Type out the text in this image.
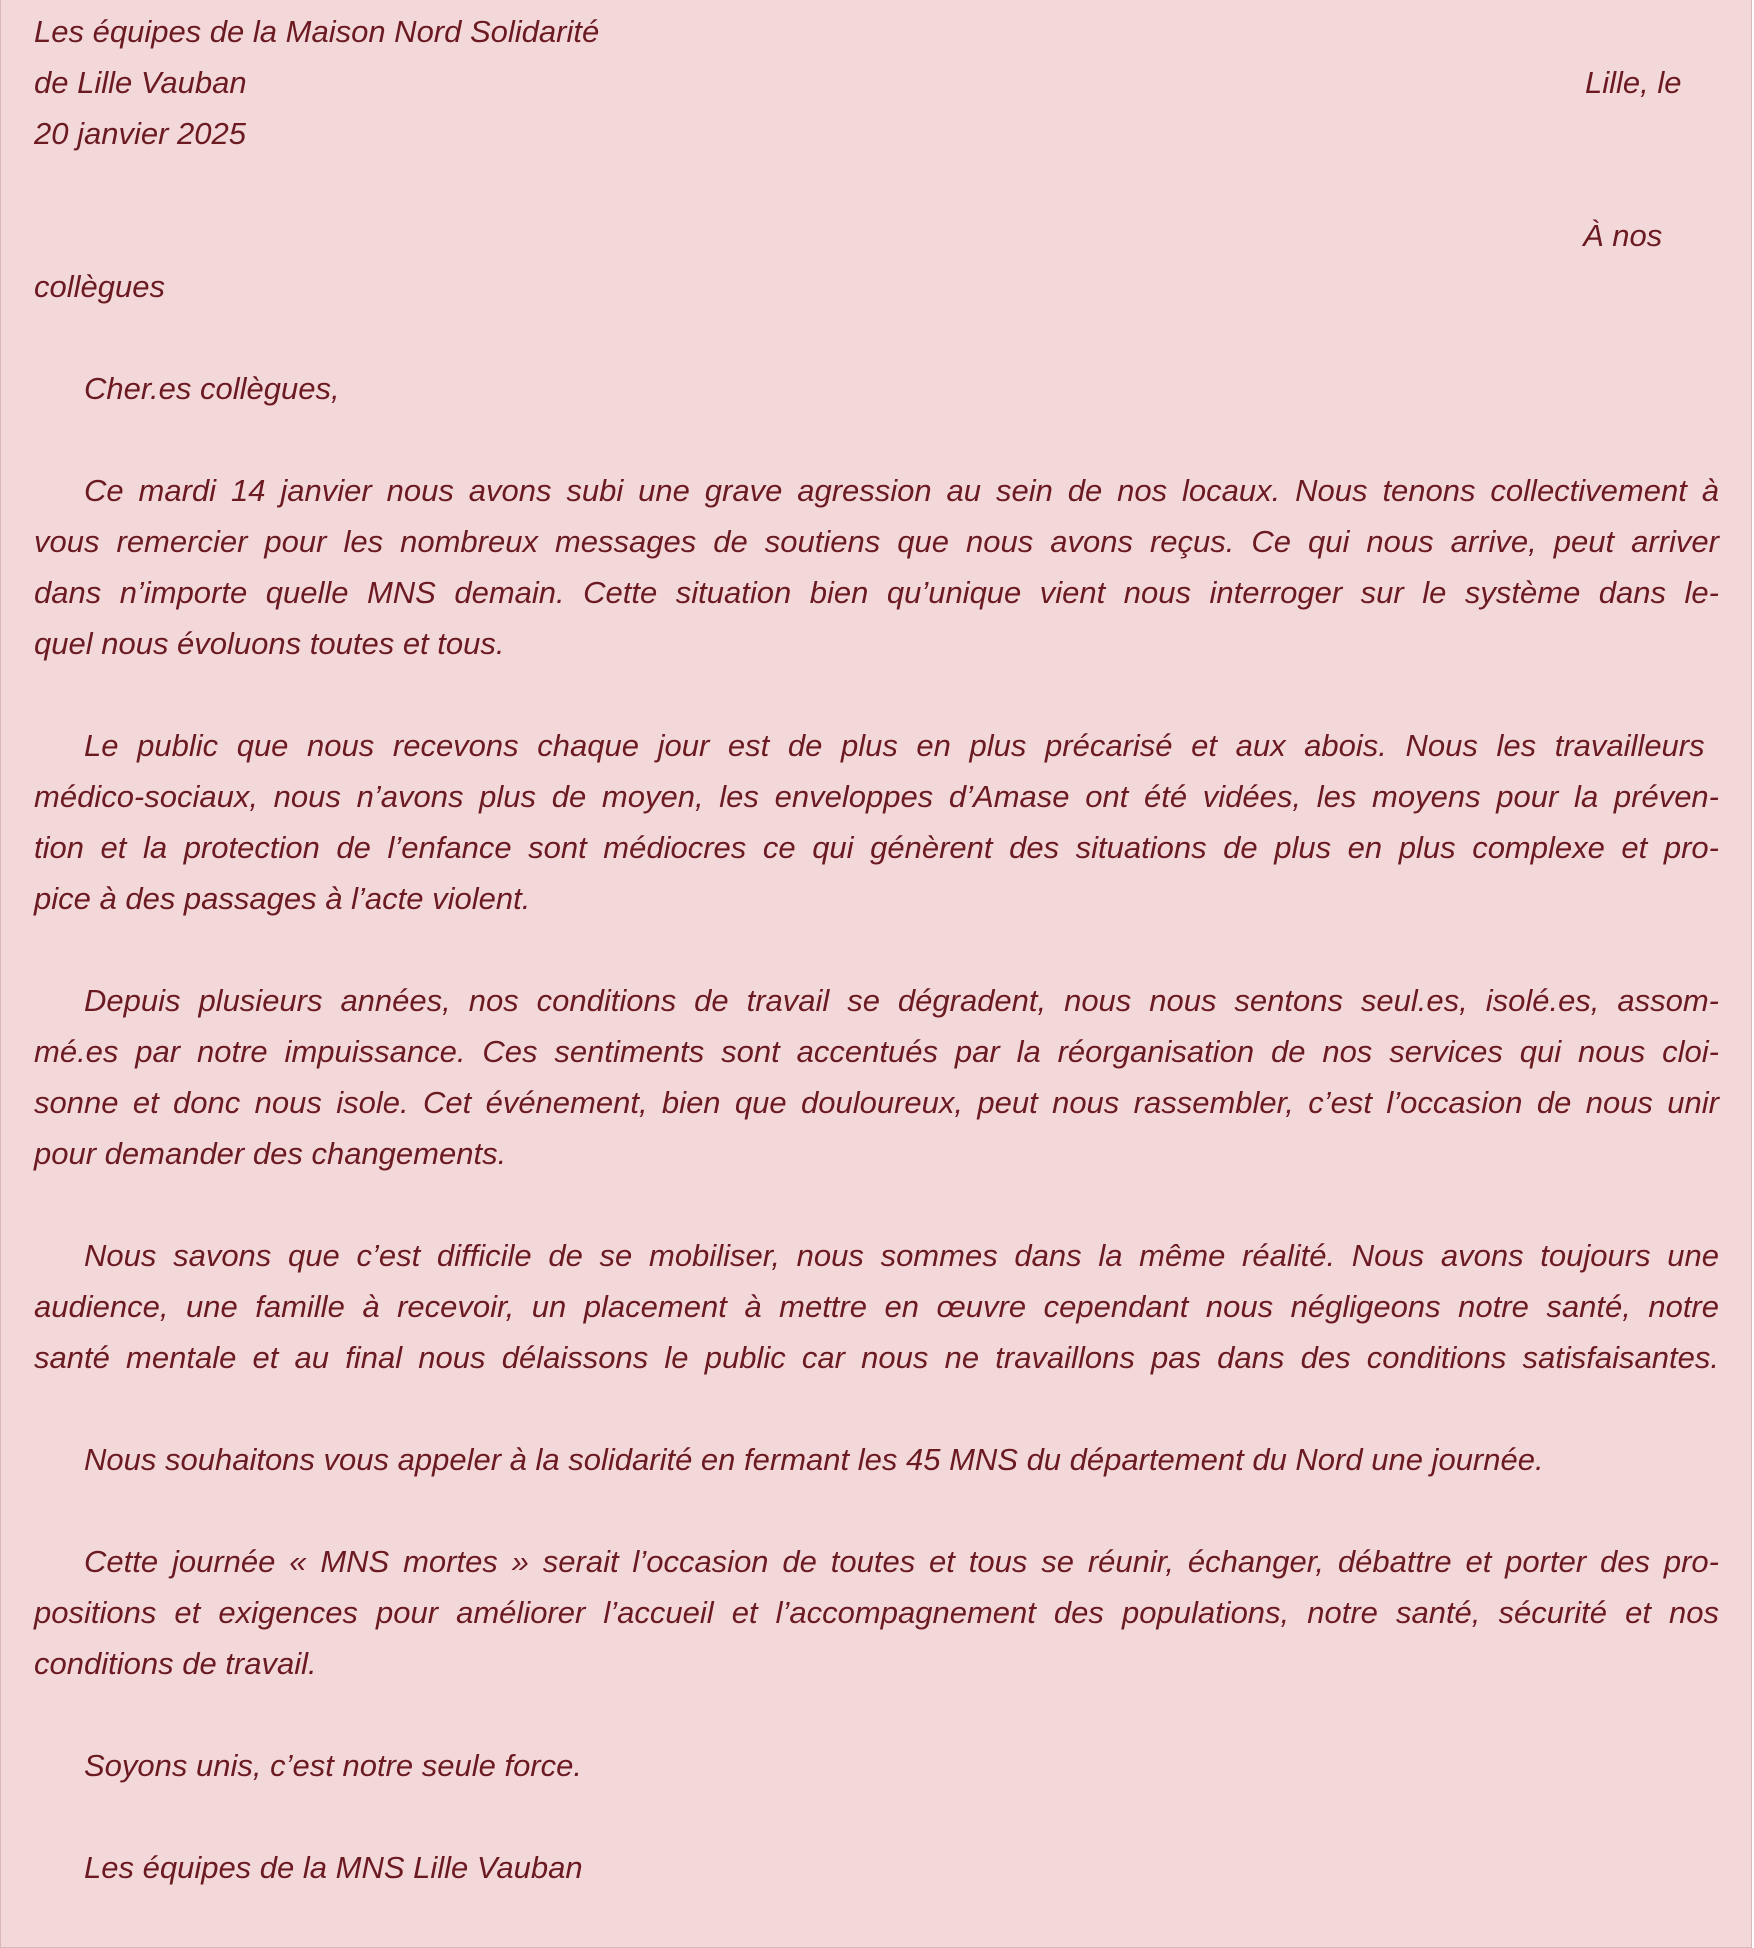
Les équipes de la Maison Nord Solidarité

de Lille Vauban	Lille, le

20 janvier 2025

À nos

collègues

Cher.es collègues,

Ce mardi 14 janvier nous avons subi une grave agression au sein de nos locaux. Nous tenons collectivement à

vous remercier pour les nombreux messages de soutiens que nous avons reçus. Ce qui nous arrive, peut arriver

dans n’importe quelle MNS demain. Cette situation bien qu’unique vient nous interroger sur le système dans le-

quel nous évoluons toutes et tous.

Le public que nous recevons chaque jour est de plus en plus précarisé et aux abois. Nous les travailleurs

médico-sociaux, nous n’avons plus de moyen, les enveloppes d’Amase ont été vidées, les moyens pour la préven-

tion et la protection de l’enfance sont médiocres ce qui génèrent des situations de plus en plus complexe et pro-

pice à des passages à l’acte violent.

Depuis plusieurs années, nos conditions de travail se dégradent, nous nous sentons seul.es, isolé.es, assom-

mé.es par notre impuissance. Ces sentiments sont accentués par la réorganisation de nos services qui nous cloi-

sonne et donc nous isole. Cet événement, bien que douloureux, peut nous rassembler, c’est l’occasion de nous unir

pour demander des changements.

Nous savons que c’est difficile de se mobiliser, nous sommes dans la même réalité. Nous avons toujours une

audience, une famille à recevoir, un placement à mettre en œuvre cependant nous négligeons notre santé, notre

santé mentale et au final nous délaissons le public car nous ne travaillons pas dans des conditions satisfaisantes.

Nous souhaitons vous appeler à la solidarité en fermant les 45 MNS du département du Nord une journée.

Cette journée « MNS mortes » serait l’occasion de toutes et tous se réunir, échanger, débattre et porter des pro-

positions et exigences pour améliorer l’accueil et l’accompagnement des populations, notre santé, sécurité et nos

conditions de travail.

Soyons unis, c’est notre seule force.

Les équipes de la MNS Lille Vauban
